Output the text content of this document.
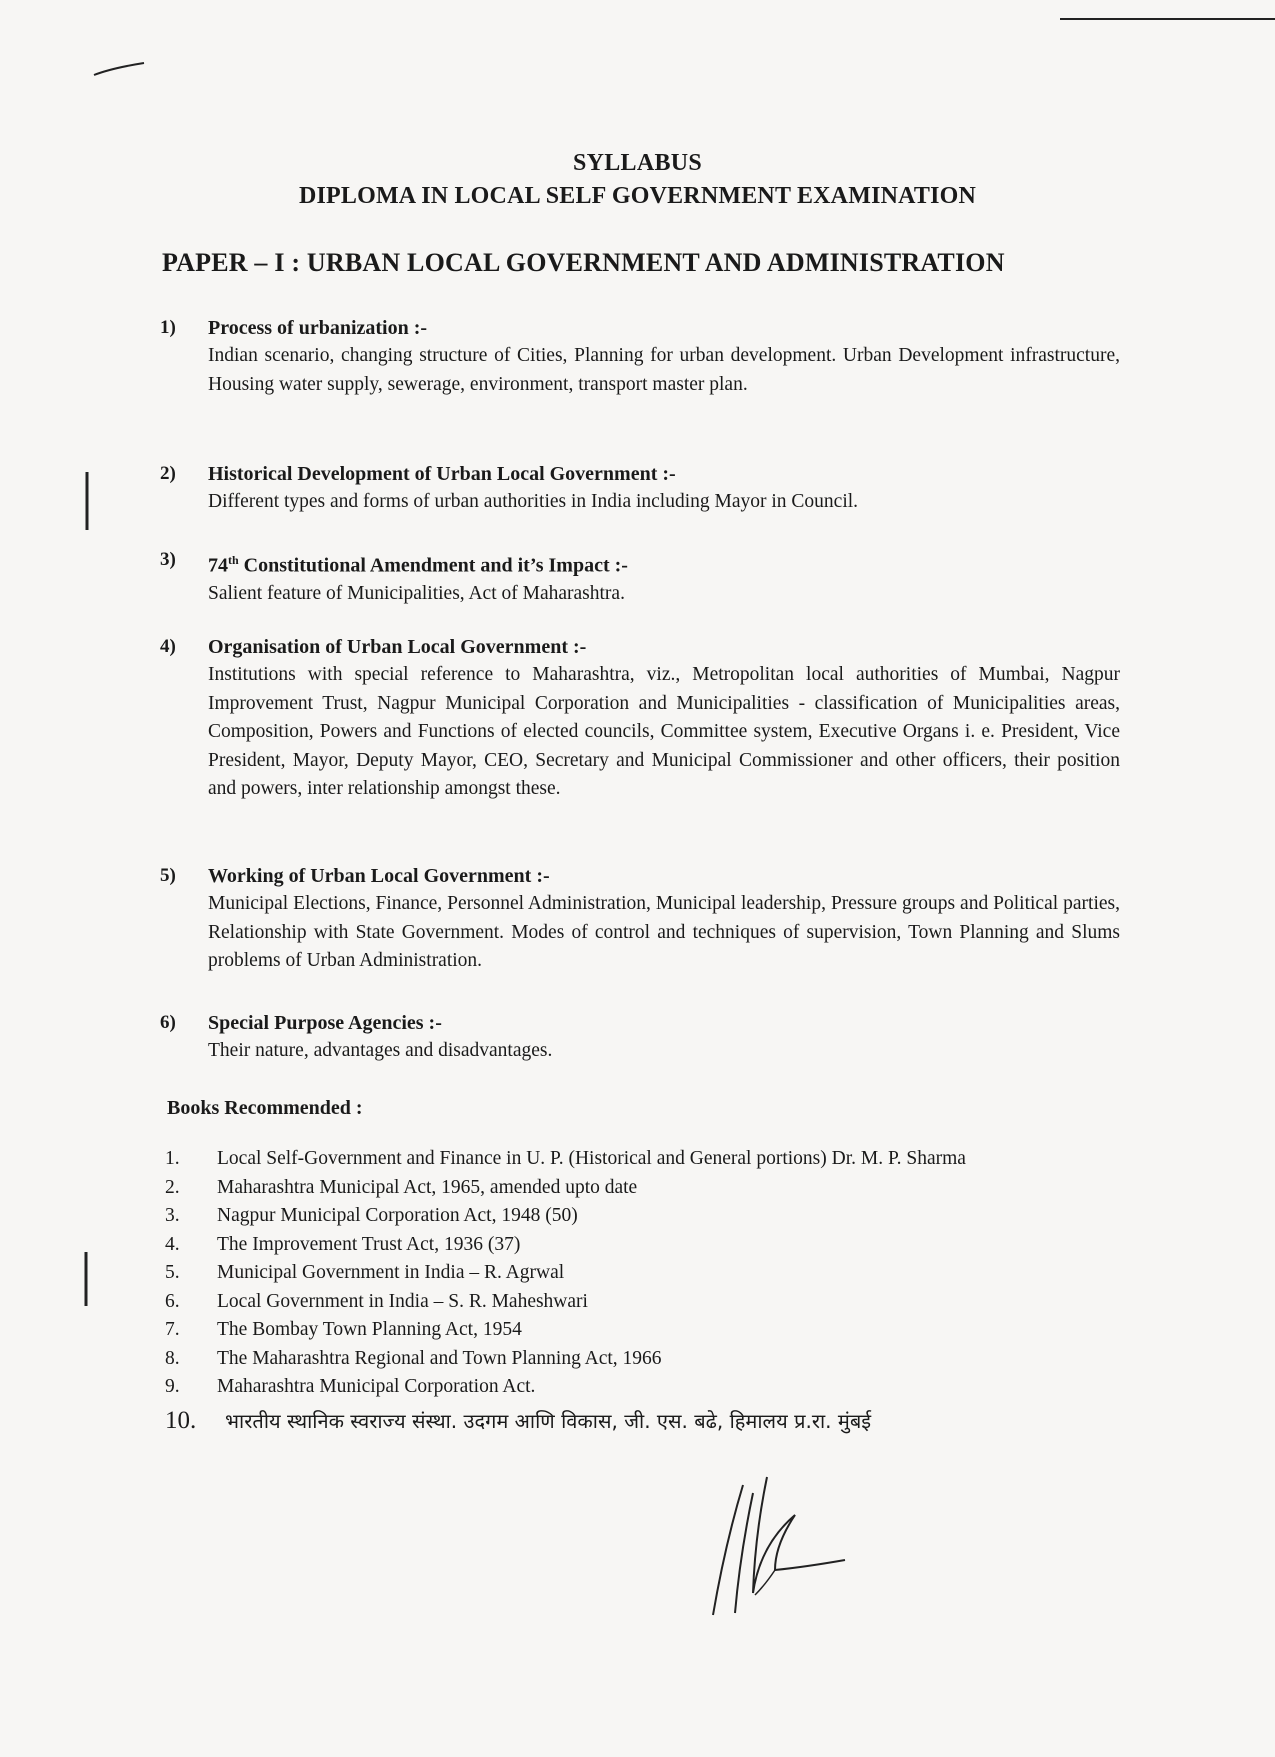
SYLLABUS
DIPLOMA IN LOCAL SELF GOVERNMENT EXAMINATION
PAPER – I : URBAN LOCAL GOVERNMENT AND ADMINISTRATION
1) Process of urbanization :-
Indian scenario, changing structure of Cities, Planning for urban development. Urban Development infrastructure, Housing water supply, sewerage, environment, transport master plan.
2) Historical Development of Urban Local Government :-
Different types and forms of urban authorities in India including Mayor in Council.
3) 74th Constitutional Amendment and it’s Impact :-
Salient feature of Municipalities, Act of Maharashtra.
4) Organisation of Urban Local Government :-
Institutions with special reference to Maharashtra, viz., Metropolitan local authorities of Mumbai, Nagpur Improvement Trust, Nagpur Municipal Corporation and Municipalities - classification of Municipalities areas, Composition, Powers and Functions of elected councils, Committee system, Executive Organs i. e. President, Vice President, Mayor, Deputy Mayor, CEO, Secretary and Municipal Commissioner and other officers, their position and powers, inter relationship amongst these.
5) Working of Urban Local Government :-
Municipal Elections, Finance, Personnel Administration, Municipal leadership, Pressure groups and Political parties, Relationship with State Government. Modes of control and techniques of supervision, Town Planning and Slums problems of Urban Administration.
6) Special Purpose Agencies :-
Their nature, advantages and disadvantages.
Books Recommended :
1.	Local Self-Government and Finance in U. P. (Historical and General portions) Dr. M. P. Sharma
2.	Maharashtra Municipal Act, 1965, amended upto date
3.	Nagpur Municipal Corporation Act, 1948 (50)
4.	The Improvement Trust Act, 1936 (37)
5.	Municipal Government in India – R. Agrwal
6.	Local Government in India – S. R. Maheshwari
7.	The Bombay Town Planning Act, 1954
8.	The Maharashtra Regional and Town Planning Act, 1966
9.	Maharashtra Municipal Corporation Act.
10.	भारतीय स्थानिक स्वराज्य संस्था. उदगम आणि विकास, जी. एस. बढे, हिमालय प्र.रा. मुंबई
